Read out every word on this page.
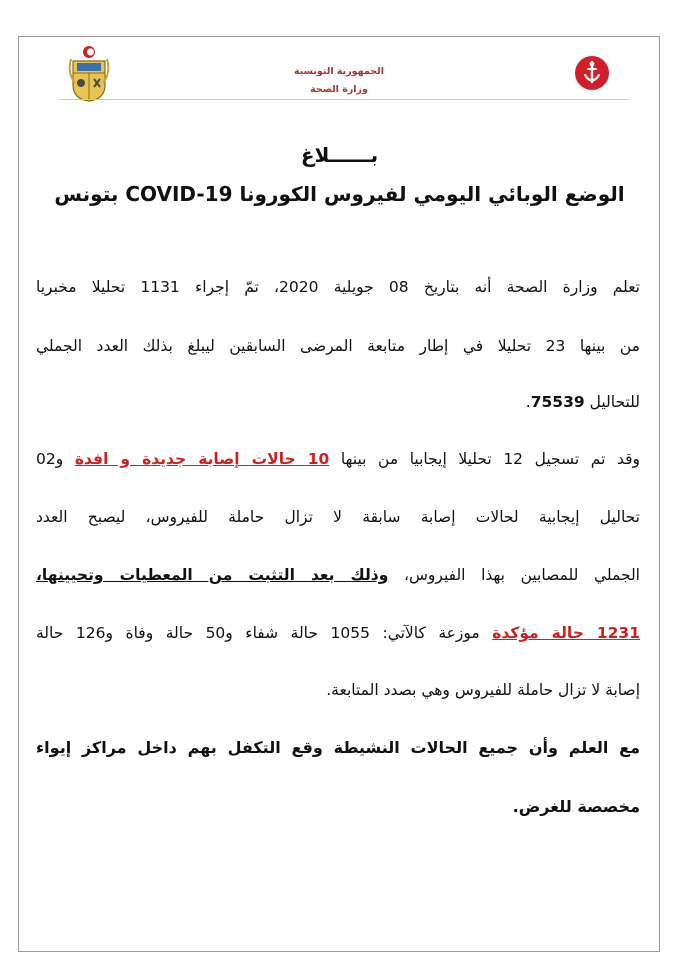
الجمهورية التونسية
وزارة الصحة
بــــــلاغ
الوضع الوبائي اليومي لفيروس الكورونا COVID-19 بتونس
تعلم وزارة الصحة أنه بتاريخ 08 جويلية 2020، تمّ إجراء 1131 تحليلا مخبريا
من بينها 23 تحليلا في إطار متابعة المرضى السابقين ليبلغ بذلك العدد الجملي
للتحاليل 75539.
وقد تم تسجيل 12 تحليلا إيجابيا من بينها 10 حالات إصابة جديدة و افدة و02
تحاليل إيجابية لحالات إصابة سابقة لا تزال حاملة للفيروس، ليصبح العدد
الجملي للمصابين بهذا الفيروس، وذلك بعد التثبت من المعطيات وتحيينها،
1231 حالة مؤكدة موزعة كالآتي: 1055 حالة شفاء و50 حالة وفاة و126 حالة
إصابة لا تزال حاملة للفيروس وهي بصدد المتابعة.
مع العلم وأن جميع الحالات النشيطة وقع التكفل بهم داخل مراكز إيواء
مخصصة للغرض.
